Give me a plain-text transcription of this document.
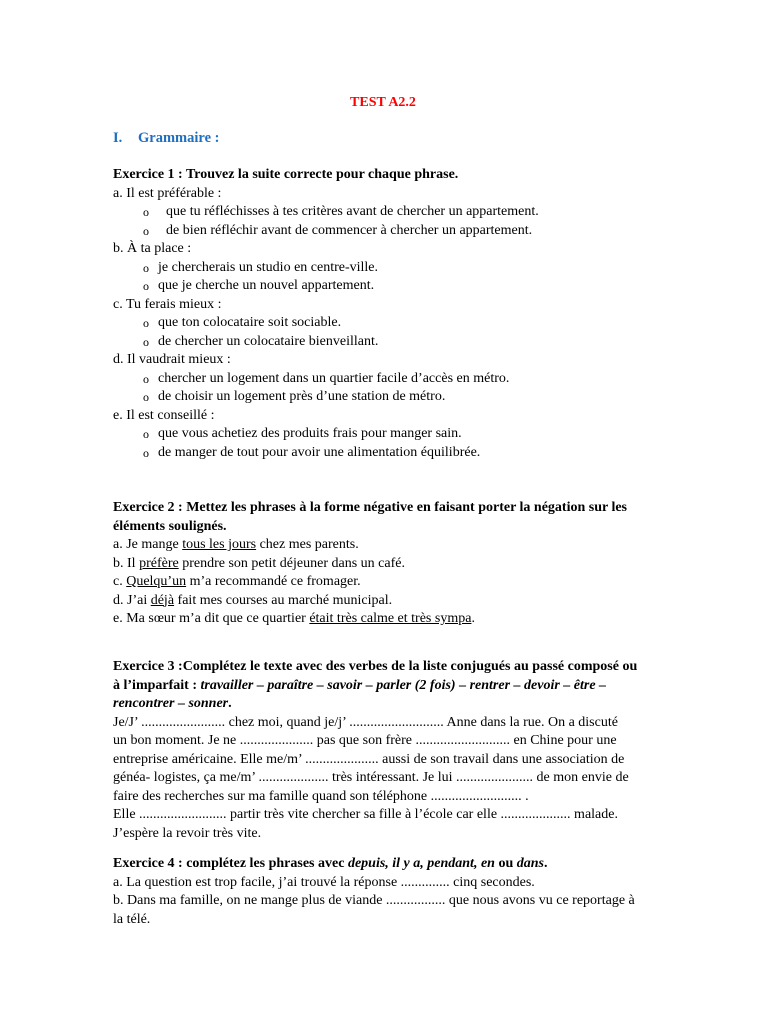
TEST A2.2
I. Grammaire :
Exercice 1 : Trouvez la suite correcte pour chaque phrase.
a. Il est préférable :
o que tu réfléchisses à tes critères avant de chercher un appartement.
o de bien réfléchir avant de commencer à chercher un appartement.
b. À ta place :
o je chercherais un studio en centre-ville.
o que je cherche un nouvel appartement.
c. Tu ferais mieux :
o que ton colocataire soit sociable.
o de chercher un colocataire bienveillant.
d. Il vaudrait mieux :
o chercher un logement dans un quartier facile d’accès en métro.
o de choisir un logement près d’une station de métro.
e. Il est conseillé :
o que vous achetiez des produits frais pour manger sain.
o de manger de tout pour avoir une alimentation équilibrée.
Exercice 2 : Mettez les phrases à la forme négative en faisant porter la négation sur les
éléments soulignés.
a. Je mange tous les jours chez mes parents.
b. Il préfère prendre son petit déjeuner dans un café.
c. Quelqu’un m’a recommandé ce fromager.
d. J’ai déjà fait mes courses au marché municipal.
e. Ma sœur m’a dit que ce quartier était très calme et très sympa.
Exercice 3 :Complétez le texte avec des verbes de la liste conjugués au passé composé ou
à l’imparfait : travailler – paraître – savoir – parler (2 fois) – rentrer – devoir – être –
rencontrer – sonner.
Je/J’ ........................ chez moi, quand je/j’ ........................... Anne dans la rue. On a discuté
un bon moment. Je ne ..................... pas que son frère ........................... en Chine pour une
entreprise américaine. Elle me/m’ ..................... aussi de son travail dans une association de
généa- logistes, ça me/m’ .................... très intéressant. Je lui ...................... de mon envie de
faire des recherches sur ma famille quand son téléphone .......................... .
Elle ......................... partir très vite chercher sa fille à l’école car elle .................... malade.
J’espère la revoir très vite.
Exercice 4 : complétez les phrases avec depuis, il y a, pendant, en ou dans.
a. La question est trop facile, j’ai trouvé la réponse .............. cinq secondes.
b. Dans ma famille, on ne mange plus de viande ................. que nous avons vu ce reportage à
la télé.
